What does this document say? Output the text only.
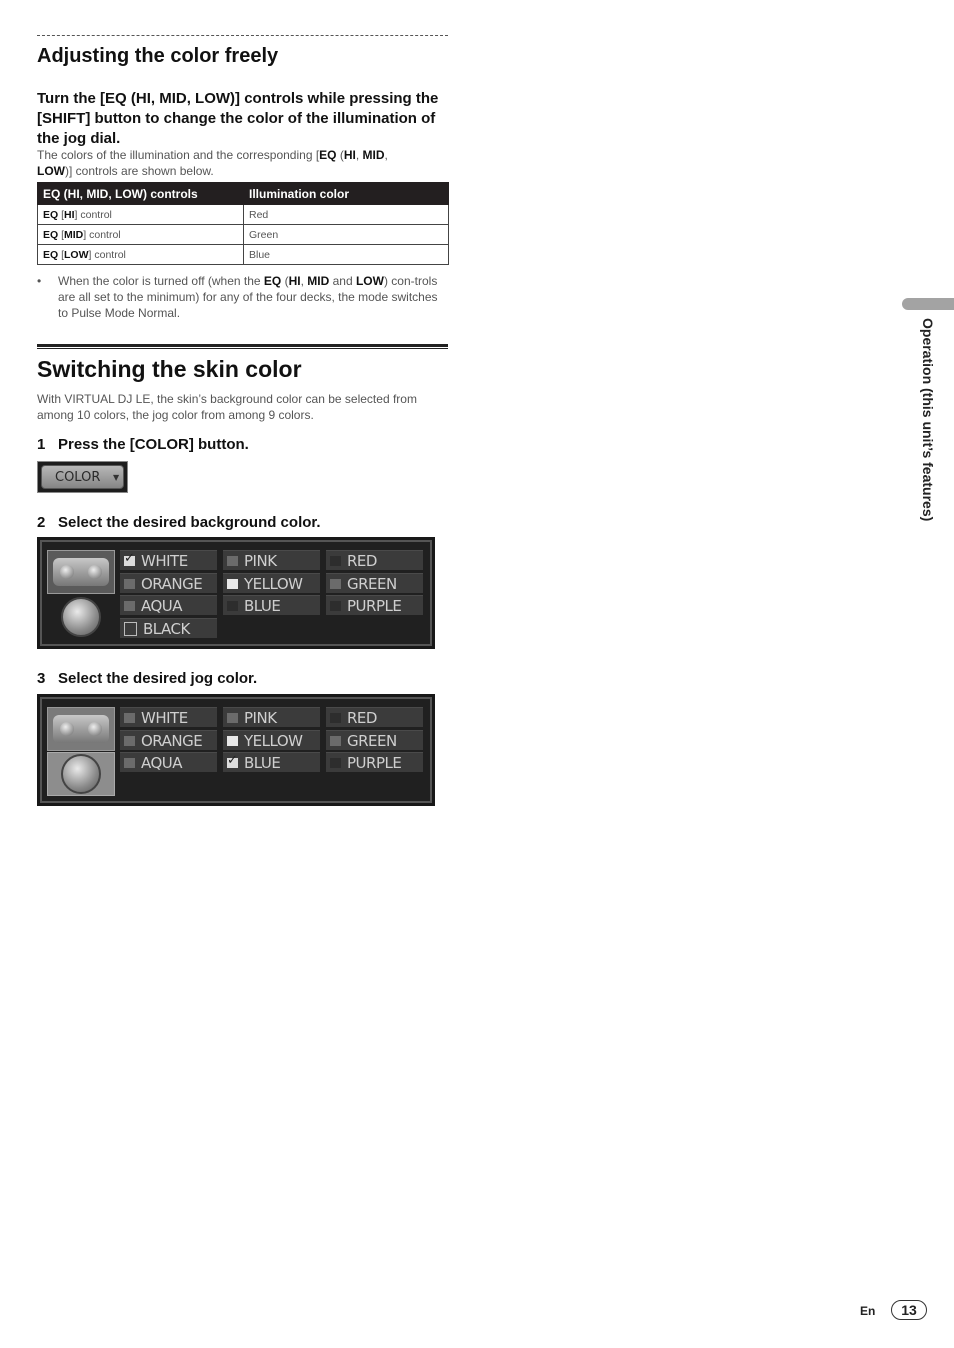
Adjusting the color freely
Turn the [EQ (HI, MID, LOW)] controls while pressing the [SHIFT] button to change the color of the illumination of the jog dial.
The colors of the illumination and the corresponding [EQ (HI, MID,
LOW)] controls are shown below.
EQ (HI, MID, LOW) controls	Illumination color
EQ [HI] control	Red
EQ [MID] control	Green
EQ [LOW] control	Blue
•	When the color is turned off (when the EQ (HI, MID and LOW) con-trols are all set to the minimum) for any of the four decks, the mode switches to Pulse Mode Normal.
Switching the skin color
With VIRTUAL DJ LE, the skin’s background color can be selected from among 10 colors, the jog color from among 9 colors.
1 Press the [COLOR] button.
COLOR	▼
2 Select the desired background color.
✓
WHITE	PINK	RED
ORANGE	YELLOW	GREEN
AQUA	BLUE	PURPLE
BLACK
3 Select the desired jog color.
WHITE	PINK	RED
ORANGE	YELLOW	GREEN
AQUA ✓	BLUE	PURPLE
Operation (this unit’s features)
En	13
